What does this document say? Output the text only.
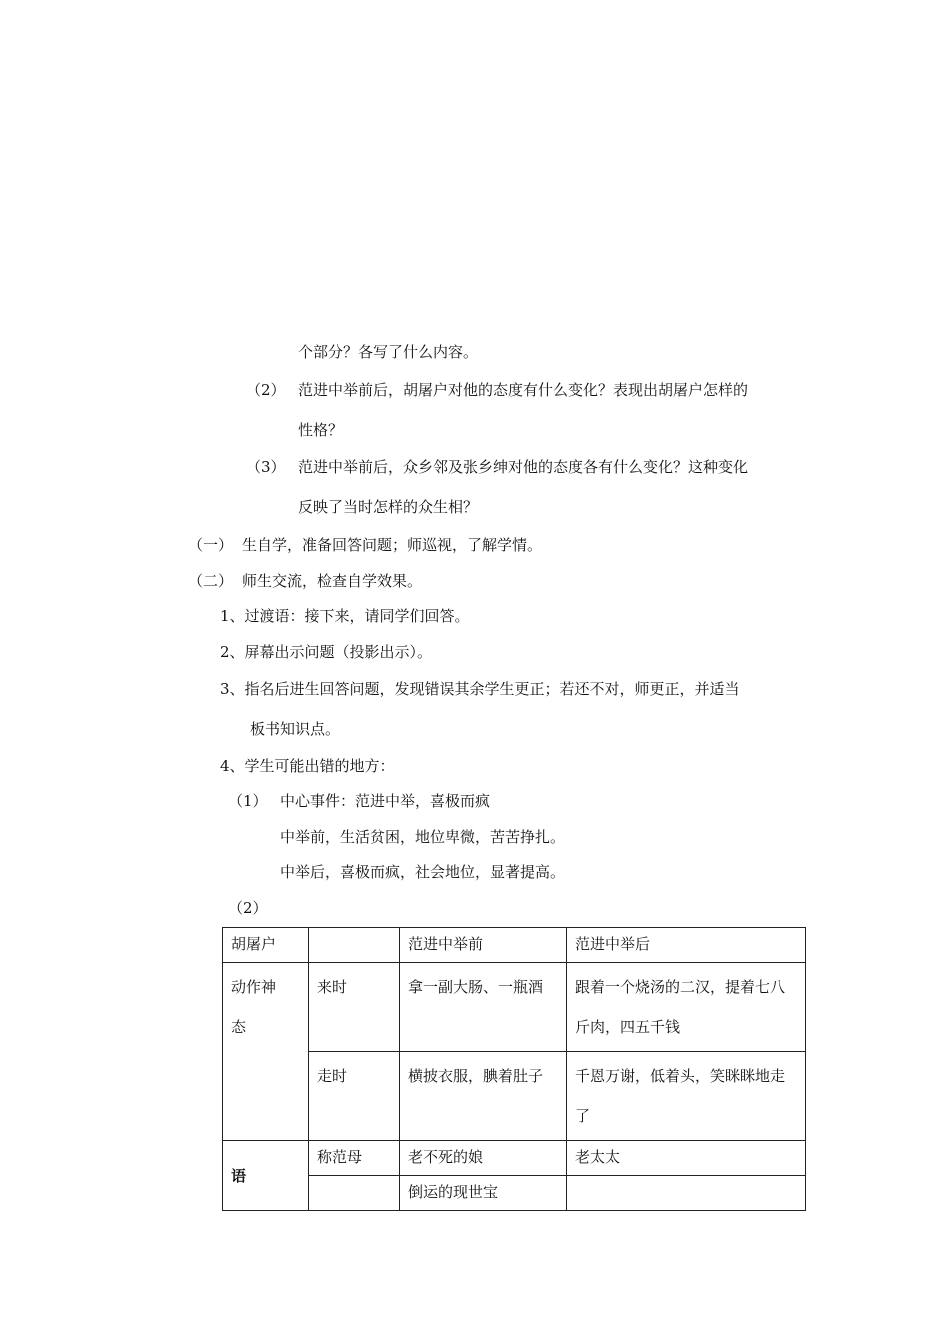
个部分？各写了什么内容。
（2） 范进中举前后，胡屠户对他的态度有什么变化？表现出胡屠户怎样的
性格？
（3） 范进中举前后，众乡邻及张乡绅对他的态度各有什么变化？这种变化
反映了当时怎样的众生相？
（一） 生自学，准备回答问题；师巡视，了解学情。
（二） 师生交流，检查自学效果。
1、过渡语：接下来，请同学们回答。
2、屏幕出示问题（投影出示）。
3、指名后进生回答问题，发现错误其余学生更正；若还不对，师更正，并适当
板书知识点。
4、学生可能出错的地方：
（1） 中心事件：范进中举，喜极而疯
中举前，生活贫困，地位卑微，苦苦挣扎。
中举后，喜极而疯，社会地位，显著提高。
（2）
胡屠户		范进中举前	范进中举后
动作神态	来时	拿一副大肠、一瓶酒	跟着一个烧汤的二汉，提着七八斤肉，四五千钱
	走时	横披衣服，腆着肚子	千恩万谢，低着头，笑眯眯地走了
语	称范母	老不死的娘	老太太
		倒运的现世宝	
